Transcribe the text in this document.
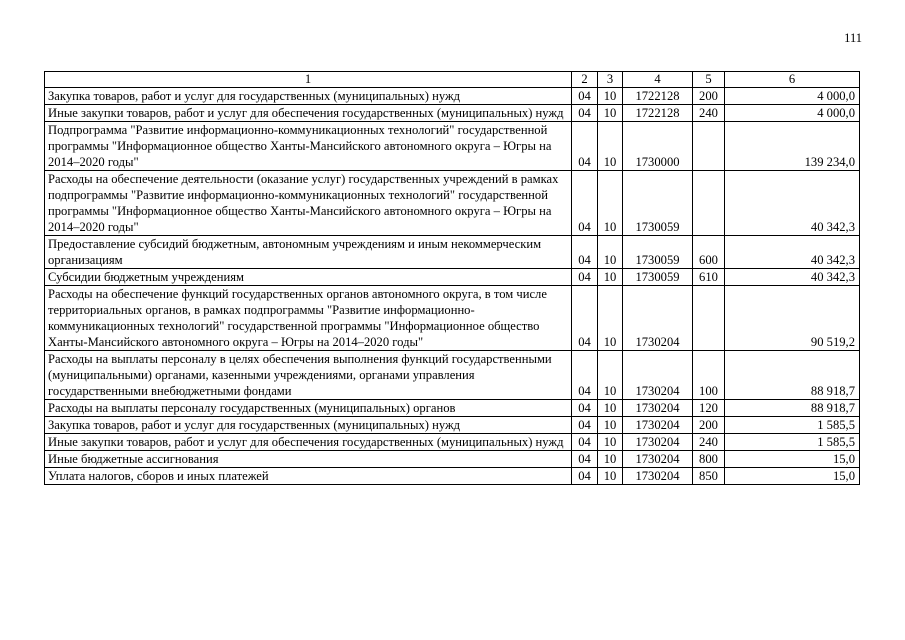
111
1	2	3	4	5	6
Закупка товаров, работ и услуг для государственных (муниципальных) нужд	04	10	1722128	200	4 000,0
Иные закупки товаров, работ и услуг для обеспечения государственных (муниципальных) нужд	04	10	1722128	240	4 000,0
Подпрограмма "Развитие информационно-коммуникационных технологий" государственной программы "Информационное общество Ханты-Мансийского автономного округа – Югры на 2014–2020 годы"	04	10	1730000		139 234,0
Расходы на обеспечение деятельности (оказание услуг) государственных учреждений в рамках подпрограммы "Развитие информационно-коммуникационных технологий" государственной программы "Информационное общество Ханты-Мансийского автономного округа – Югры на 2014–2020 годы"	04	10	1730059		40 342,3
Предоставление субсидий бюджетным, автономным учреждениям и иным некоммерческим организациям	04	10	1730059	600	40 342,3
Субсидии бюджетным учреждениям	04	10	1730059	610	40 342,3
Расходы на обеспечение функций государственных органов автономного округа, в том числе территориальных органов, в рамках подпрограммы "Развитие информационно-коммуникационных технологий" государственной программы "Информационное общество Ханты-Мансийского автономного округа – Югры на 2014–2020 годы"	04	10	1730204		90 519,2
Расходы на выплаты персоналу в целях обеспечения выполнения функций государственными (муниципальными) органами, казенными учреждениями, органами управления государственными внебюджетными фондами	04	10	1730204	100	88 918,7
Расходы на выплаты персоналу государственных (муниципальных) органов	04	10	1730204	120	88 918,7
Закупка товаров, работ и услуг для государственных (муниципальных) нужд	04	10	1730204	200	1 585,5
Иные закупки товаров, работ и услуг для обеспечения государственных (муниципальных) нужд	04	10	1730204	240	1 585,5
Иные бюджетные ассигнования	04	10	1730204	800	15,0
Уплата налогов, сборов и иных платежей	04	10	1730204	850	15,0
